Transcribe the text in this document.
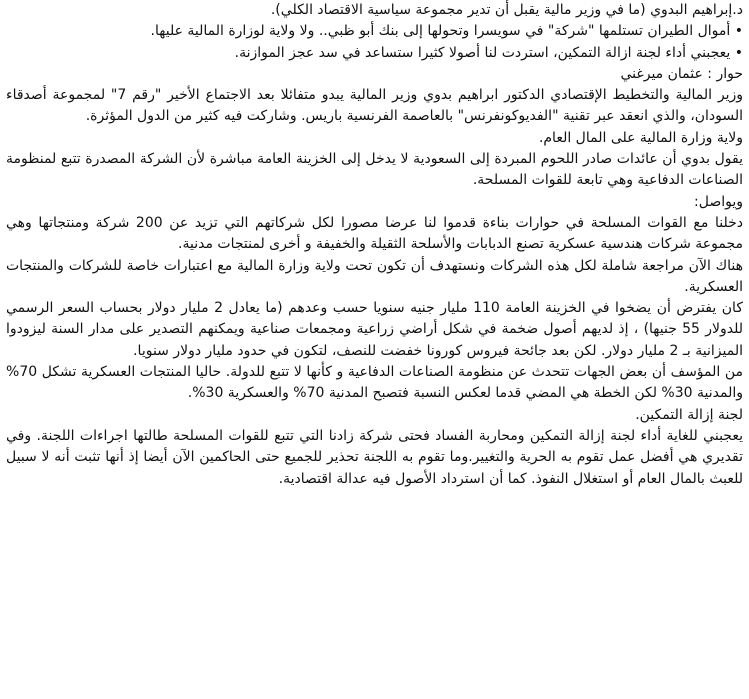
د.إبراهيم البدوي (ما في وزير مالية يقبل أن تدير مجموعة سياسية الاقتصاد الكلي).

• أموال الطيران تستلمها "شركة" في سويسرا وتحولها إلى بنك أبو ظبي.. ولا ولاية لوزارة المالية عليها.

• يعجبني أداء لجنة ازالة التمكين، استردت لنا أصولا كثيرا ستساعد في سد عجز الموازنة.

حوار : عثمان ميرغني

وزير المالية والتخطيط الإقتصادي الدكتور ابراهيم بدوي وزير المالية يبدو متفائلا بعد الاجتماع الأخير "رقم 7" لمجموعة أصدقاء السودان، والذي انعقد عبر تقنية "الفديوكونفرنس" بالعاصمة الفرنسية باريس. وشاركت فيه كثير من الدول المؤثرة.

ولاية وزارة المالية على المال العام.

يقول بدوي أن عائدات صادر اللحوم المبردة إلى السعودية لا يدخل إلى الخزينة العامة مباشرة لأن الشركة المصدرة تتبع لمنظومة الصناعات الدفاعية وهي تابعة للقوات المسلحة.

ويواصل:

دخلنا مع القوات المسلحة في حوارات بناءة قدموا لنا عرضا مصورا لكل شركاتهم التي تزيد عن 200 شركة ومنتجاتها وهي مجموعة شركات هندسية عسكرية تصنع الدبابات والأسلحة الثقيلة والخفيفة و أخرى لمنتجات مدنية.

هناك الآن مراجعة شاملة لكل هذه الشركات ونستهدف أن تكون تحت ولاية وزارة المالية مع اعتبارات خاصة للشركات والمنتجات العسكرية.

كان يفترض أن يضخوا في الخزينة العامة 110 مليار جنيه سنويا حسب وعدهم (ما يعادل 2 مليار دولار بحساب السعر الرسمي للدولار 55 جنيها) ، إذ لديهم أصول ضخمة في شكل أراضي زراعية ومجمعات صناعية ويمكنهم التصدير على مدار السنة ليزودوا الميزانية بـ 2 مليار دولار. لكن بعد جائحة فيروس كورونا خفضت للنصف، لتكون في حدود مليار دولار سنويا.

من المؤسف أن بعض الجهات تتحدث عن منظومة الصناعات الدفاعية و كأنها لا تتبع للدولة. حاليا المنتجات العسكرية تشكل 70% والمدنية 30% لكن الخطة هي المضي قدما لعكس النسبة فتصبح المدنية 70% والعسكرية 30%.

لجنة إزالة التمكين.

يعجبني للغاية أداء لجنة إزالة التمكين ومحاربة الفساد فحتى شركة زادنا التي تتبع للقوات المسلحة طالتها اجراءات اللجنة. وفي تقديري هي أفضل عمل تقوم به الحرية والتغيير.وما تقوم به اللجنة تحذير للجميع حتى الحاكمين الآن أيضا إذ أنها تثبت أنه لا سبيل للعبث بالمال العام أو استغلال النفوذ. كما أن استرداد الأصول فيه عدالة اقتصادية.
